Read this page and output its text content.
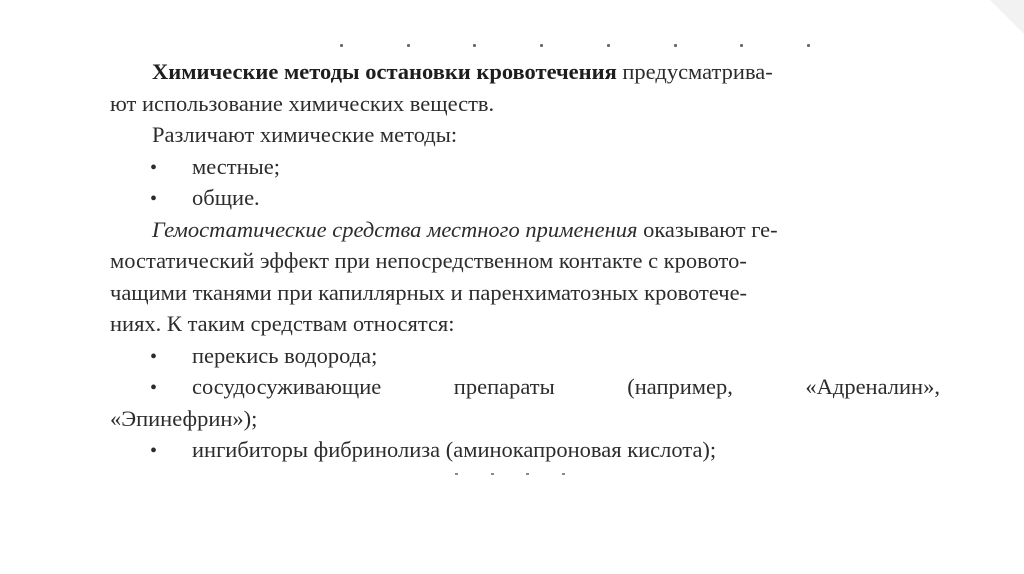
Химические методы остановки кровотечения предусматрива-
ют использование химических веществ.
Различают химические методы:
•	местные;
•	общие.
Гемостатические средства местного применения оказывают ге-
мостатический эффект при непосредственном контакте с кровото-
чащими тканями при капиллярных и паренхиматозных кровотече-
ниях. К таким средствам относятся:
•	перекись водорода;
•	сосудосуживающие	препараты	(например,	«Адреналин»,
«Эпинефрин»);
•	ингибиторы фибринолиза (аминокапроновая кислота);
